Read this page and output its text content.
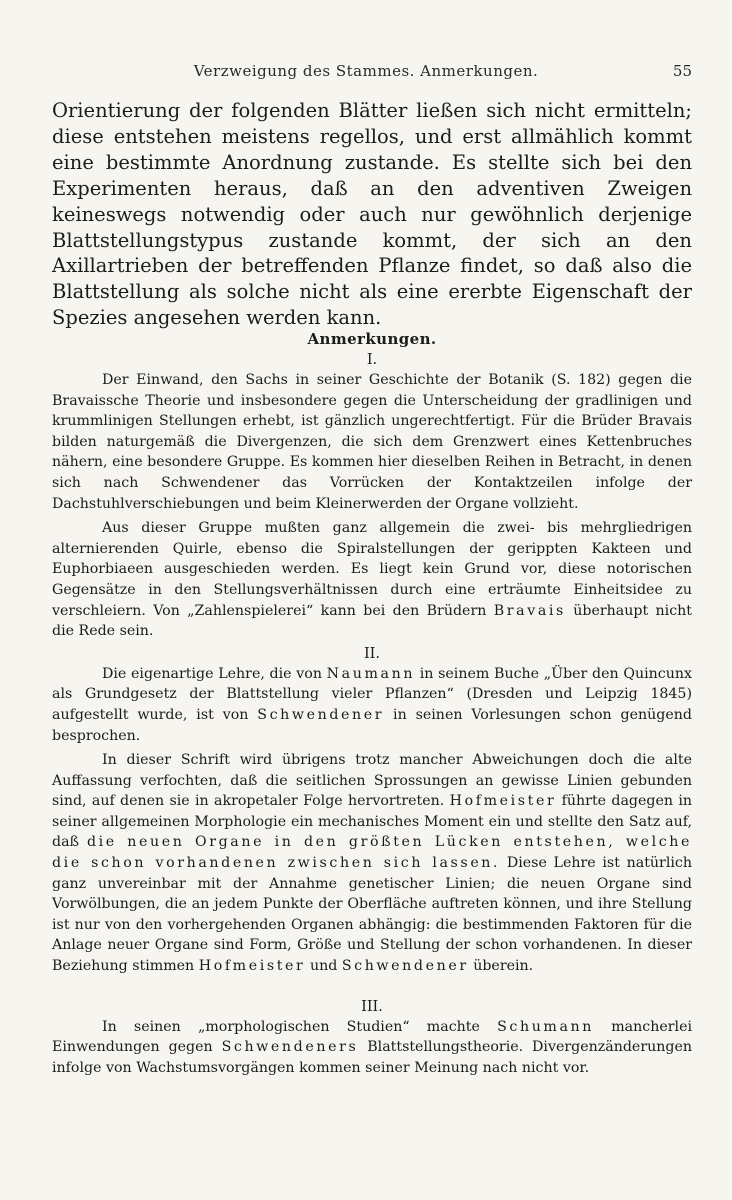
Verzweigung des Stammes. Anmerkungen.	55

Orientierung der folgenden Blätter ließen sich nicht ermitteln; diese entstehen meistens regellos, und erst allmählich kommt eine bestimmte Anordnung zustande. Es stellte sich bei den Experimenten heraus, daß an den adventiven Zweigen keineswegs notwendig oder auch nur gewöhnlich derjenige Blattstellungstypus zustande kommt, der sich an den Axillartrieben der betreffenden Pflanze findet, so daß also die Blattstellung als solche nicht als eine ererbte Eigenschaft der Spezies angesehen werden kann.

Anmerkungen.
I.

Der Einwand, den Sachs in seiner Geschichte der Botanik (S. 182) gegen die Bravaissche Theorie und insbesondere gegen die Unterscheidung der gradlinigen und krummlinigen Stellungen erhebt, ist gänzlich ungerechtfertigt. Für die Brüder Bravais bilden naturgemäß die Divergenzen, die sich dem Grenzwert eines Kettenbruches nähern, eine besondere Gruppe. Es kommen hier dieselben Reihen in Betracht, in denen sich nach Schwendener das Vorrücken der Kontaktzeilen infolge der Dachstuhlverschiebungen und beim Kleinerwerden der Organe vollzieht.

Aus dieser Gruppe mußten ganz allgemein die zwei- bis mehrgliedrigen alternierenden Quirle, ebenso die Spiralstellungen der gerippten Kakteen und Euphorbiaeen ausgeschieden werden. Es liegt kein Grund vor, diese notorischen Gegensätze in den Stellungsverhältnissen durch eine erträumte Einheitsidee zu verschleiern. Von „Zahlenspielerei“ kann bei den Brüdern Bravais überhaupt nicht die Rede sein.

II.

Die eigenartige Lehre, die von Naumann in seinem Buche „Über den Quincunx als Grundgesetz der Blattstellung vieler Pflanzen“ (Dresden und Leipzig 1845) aufgestellt wurde, ist von Schwendener in seinen Vorlesungen schon genügend besprochen.

In dieser Schrift wird übrigens trotz mancher Abweichungen doch die alte Auffassung verfochten, daß die seitlichen Sprossungen an gewisse Linien gebunden sind, auf denen sie in akropetaler Folge hervortreten. Hofmeister führte dagegen in seiner allgemeinen Morphologie ein mechanisches Moment ein und stellte den Satz auf, daß die neuen Organe in den größten Lücken entstehen, welche die schon vorhandenen zwischen sich lassen. Diese Lehre ist natürlich ganz unvereinbar mit der Annahme genetischer Linien; die neuen Organe sind Vorwölbungen, die an jedem Punkte der Oberfläche auftreten können, und ihre Stellung ist nur von den vorhergehenden Organen abhängig: die bestimmenden Faktoren für die Anlage neuer Organe sind Form, Größe und Stellung der schon vorhandenen. In dieser Beziehung stimmen Hofmeister und Schwendener überein.

III.

In seinen „morphologischen Studien“ machte Schumann mancherlei Einwendungen gegen Schwendeners Blattstellungstheorie. Divergenzänderungen infolge von Wachstumsvorgängen kommen seiner Meinung nach nicht vor.
